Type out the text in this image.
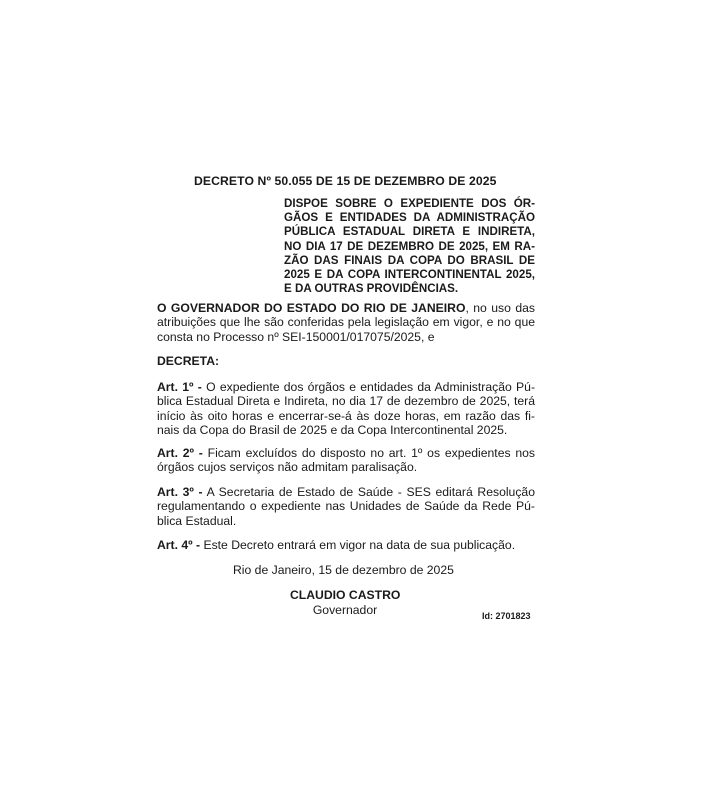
DECRETO Nº 50.055 DE 15 DE DEZEMBRO DE 2025
DISPOE SOBRE O EXPEDIENTE DOS ÓR-
GÃOS E ENTIDADES DA ADMINISTRAÇÃO
PÚBLICA ESTADUAL DIRETA E INDIRETA,
NO DIA 17 DE DEZEMBRO DE 2025, EM RA-
ZÃO DAS FINAIS DA COPA DO BRASIL DE
2025 E DA COPA INTERCONTINENTAL 2025,
E DA OUTRAS PROVIDÊNCIAS.
O GOVERNADOR DO ESTADO DO RIO DE JANEIRO, no uso das
atribuições que lhe são conferidas pela legislação em vigor, e no que
consta no Processo nº SEI-150001/017075/2025, e
DECRETA:
Art. 1º - O expediente dos órgãos e entidades da Administração Pú-
blica Estadual Direta e Indireta, no dia 17 de dezembro de 2025, terá
início às oito horas e encerrar-se-á às doze horas, em razão das fi-
nais da Copa do Brasil de 2025 e da Copa Intercontinental 2025.
Art. 2º - Ficam excluídos do disposto no art. 1º os expedientes nos
órgãos cujos serviços não admitam paralisação.
Art. 3º - A Secretaria de Estado de Saúde - SES editará Resolução
regulamentando o expediente nas Unidades de Saúde da Rede Pú-
blica Estadual.
Art. 4º - Este Decreto entrará em vigor na data de sua publicação.
Rio de Janeiro, 15 de dezembro de 2025
CLAUDIO CASTRO
Governador	Id: 2701823
